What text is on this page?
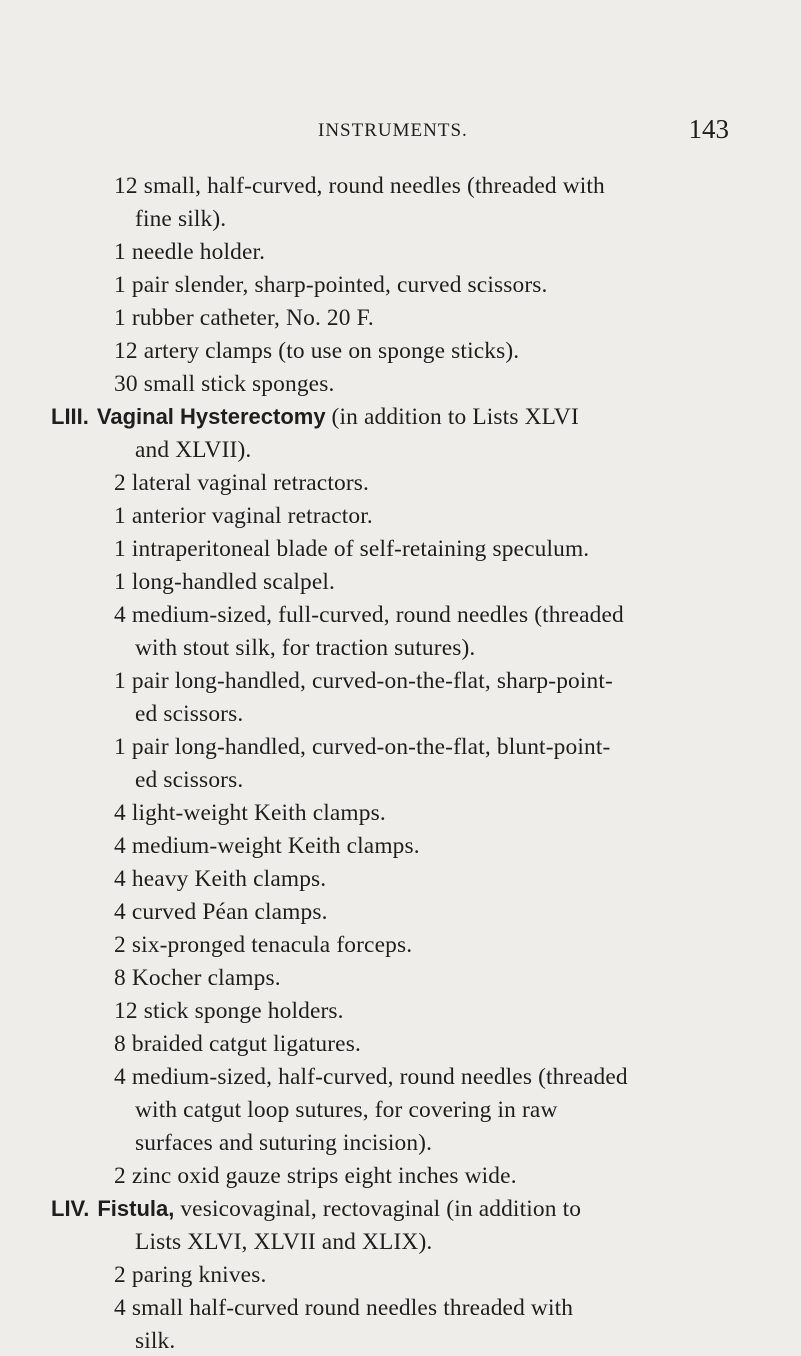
INSTRUMENTS.	143
12 small, half-curved, round needles (threaded with
fine silk).
1 needle holder.
1 pair slender, sharp-pointed, curved scissors.
1 rubber catheter, No. 20 F.
12 artery clamps (to use on sponge sticks).
30 small stick sponges.
LIII. Vaginal Hysterectomy (in addition to Lists XLVI
and XLVII).
2 lateral vaginal retractors.
1 anterior vaginal retractor.
1 intraperitoneal blade of self-retaining speculum.
1 long-handled scalpel.
4 medium-sized, full-curved, round needles (threaded
with stout silk, for traction sutures).
1 pair long-handled, curved-on-the-flat, sharp-point-
ed scissors.
1 pair long-handled, curved-on-the-flat, blunt-point-
ed scissors.
4 light-weight Keith clamps.
4 medium-weight Keith clamps.
4 heavy Keith clamps.
4 curved Péan clamps.
2 six-pronged tenacula forceps.
8 Kocher clamps.
12 stick sponge holders.
8 braided catgut ligatures.
4 medium-sized, half-curved, round needles (threaded
with catgut loop sutures, for covering in raw
surfaces and suturing incision).
2 zinc oxid gauze strips eight inches wide.
LIV. Fistula, vesicovaginal, rectovaginal (in addition to
Lists XLVI, XLVII and XLIX).
2 paring knives.
4 small half-curved round needles threaded with
silk.
